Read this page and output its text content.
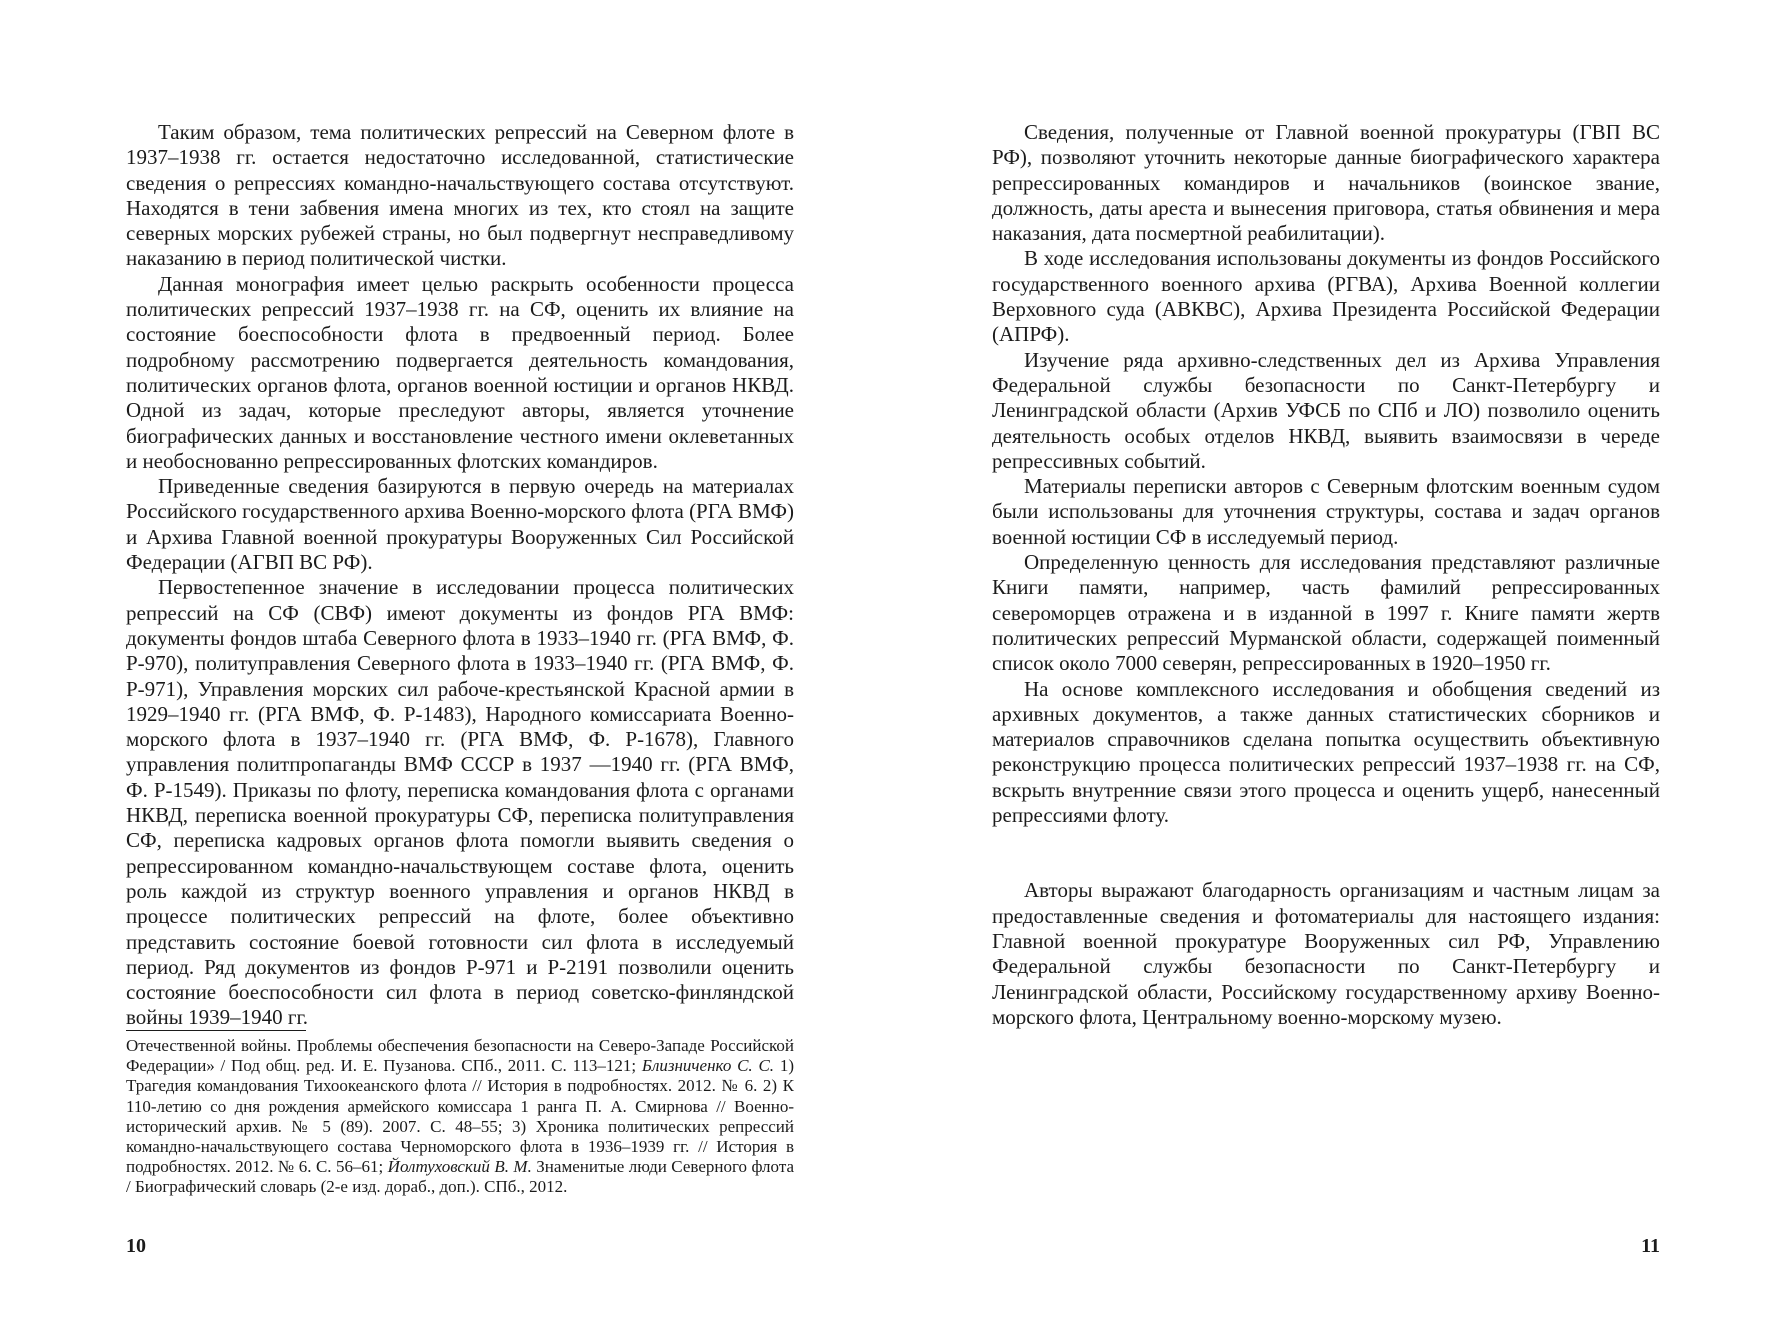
Таким образом, тема политических репрессий на Северном флоте в 1937–1938 гг. остается недостаточно исследованной, статистические сведения о репрессиях командно-начальствующего состава отсутствуют. Находятся в тени забвения имена многих из тех, кто стоял на защите северных морских рубежей страны, но был подвергнут несправедливому наказанию в период политической чистки.

Данная монография имеет целью раскрыть особенности процесса политических репрессий 1937–1938 гг. на СФ, оценить их влияние на состояние боеспособности флота в предвоенный период. Более подробному рассмотрению подвергается деятельность командования, политических органов флота, органов военной юстиции и органов НКВД. Одной из задач, которые преследуют авторы, является уточнение биографических данных и восстановление честного имени оклеветанных и необоснованно репрессированных флотских командиров.

Приведенные сведения базируются в первую очередь на материалах Российского государственного архива Военно-морского флота (РГА ВМФ) и Архива Главной военной прокуратуры Вооруженных Сил Российской Федерации (АГВП ВС РФ).

Первостепенное значение в исследовании процесса политических репрессий на СФ (СВФ) имеют документы из фондов РГА ВМФ: документы фондов штаба Северного флота в 1933–1940 гг. (РГА ВМФ, Ф. Р-970), политуправления Северного флота в 1933–1940 гг. (РГА ВМФ, Ф. Р-971), Управления морских сил рабоче-крестьянской Красной армии в 1929–1940 гг. (РГА ВМФ, Ф. Р-1483), Народного комиссариата Военно-морского флота в 1937–1940 гг. (РГА ВМФ, Ф. Р-1678), Главного управления политпропаганды ВМФ СССР в 1937 —1940 гг. (РГА ВМФ, Ф. Р-1549). Приказы по флоту, переписка командования флота с органами НКВД, переписка военной прокуратуры СФ, переписка политуправления СФ, переписка кадровых органов флота помогли выявить сведения о репрессированном командно-начальствующем составе флота, оценить роль каждой из структур военного управления и органов НКВД в процессе политических репрессий на флоте, более объективно представить состояние боевой готовности сил флота в исследуемый период. Ряд документов из фондов Р-971 и Р-2191 позволили оценить состояние боеспособности сил флота в период советско-финляндской войны 1939–1940 гг.

Отечественной войны. Проблемы обеспечения безопасности на Северо-Западе Российской Федерации» / Под общ. ред. И. Е. Пузанова. СПб., 2011. С. 113–121; Близниченко С. С. 1) Трагедия командования Тихоокеанского флота // История в подробностях. 2012. № 6. 2) К 110-летию со дня рождения армейского комиссара 1 ранга П. А. Смирнова // Военно-исторический архив. № 5 (89). 2007. С. 48–55; 3) Хроника политических репрессий командно-начальствующего состава Черноморского флота в 1936–1939 гг. // История в подробностях. 2012. № 6. С. 56–61; Йолтуховский В. М. Знаменитые люди Северного флота / Биографический словарь (2-е изд. дораб., доп.). СПб., 2012.

10

Сведения, полученные от Главной военной прокуратуры (ГВП ВС РФ), позволяют уточнить некоторые данные биографического характера репрессированных командиров и начальников (воинское звание, должность, даты ареста и вынесения приговора, статья обвинения и мера наказания, дата посмертной реабилитации).

В ходе исследования использованы документы из фондов Российского государственного военного архива (РГВА), Архива Военной коллегии Верховного суда (АВКВС), Архива Президента Российской Федерации (АПРФ).

Изучение ряда архивно-следственных дел из Архива Управления Федеральной службы безопасности по Санкт-Петербургу и Ленинградской области (Архив УФСБ по СПб и ЛО) позволило оценить деятельность особых отделов НКВД, выявить взаимосвязи в череде репрессивных событий.

Материалы переписки авторов с Северным флотским военным судом были использованы для уточнения структуры, состава и задач органов военной юстиции СФ в исследуемый период.

Определенную ценность для исследования представляют различные Книги памяти, например, часть фамилий репрессированных североморцев отражена и в изданной в 1997 г. Книге памяти жертв политических репрессий Мурманской области, содержащей поименный список около 7000 северян, репрессированных в 1920–1950 гг.

На основе комплексного исследования и обобщения сведений из архивных документов, а также данных статистических сборников и материалов справочников сделана попытка осуществить объективную реконструкцию процесса политических репрессий 1937–1938 гг. на СФ, вскрыть внутренние связи этого процесса и оценить ущерб, нанесенный репрессиями флоту.

Авторы выражают благодарность организациям и частным лицам за предоставленные сведения и фотоматериалы для настоящего издания: Главной военной прокуратуре Вооруженных сил РФ, Управлению Федеральной службы безопасности по Санкт-Петербургу и Ленинградской области, Российскому государственному архиву Военно-морского флота, Центральному военно-морскому музею.

11
